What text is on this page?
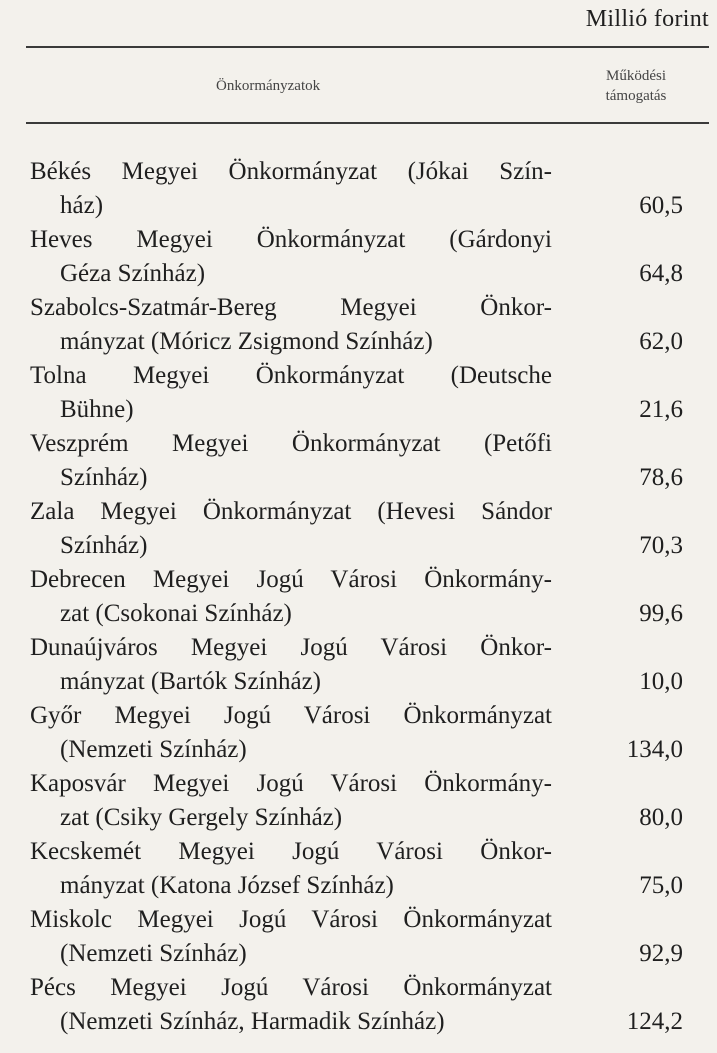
Millió forint
Önkormányzatok
Működési
támogatás
Békés Megyei Önkormányzat (Jókai Szín-
ház)	60,5
Heves Megyei Önkormányzat (Gárdonyi
Géza Színház)	64,8
Szabolcs-Szatmár-Bereg Megyei Önkor-
mányzat (Móricz Zsigmond Színház)	62,0
Tolna Megyei Önkormányzat (Deutsche
Bühne)	21,6
Veszprém Megyei Önkormányzat (Petőfi
Színház)	78,6
Zala Megyei Önkormányzat (Hevesi Sándor
Színház)	70,3
Debrecen Megyei Jogú Városi Önkormány-
zat (Csokonai Színház)	99,6
Dunaújváros Megyei Jogú Városi Önkor-
mányzat (Bartók Színház)	10,0
Győr Megyei Jogú Városi Önkormányzat
(Nemzeti Színház)	134,0
Kaposvár Megyei Jogú Városi Önkormány-
zat (Csiky Gergely Színház)	80,0
Kecskemét Megyei Jogú Városi Önkor-
mányzat (Katona József Színház)	75,0
Miskolc Megyei Jogú Városi Önkormányzat
(Nemzeti Színház)	92,9
Pécs Megyei Jogú Városi Önkormányzat
(Nemzeti Színház, Harmadik Színház)	124,2
